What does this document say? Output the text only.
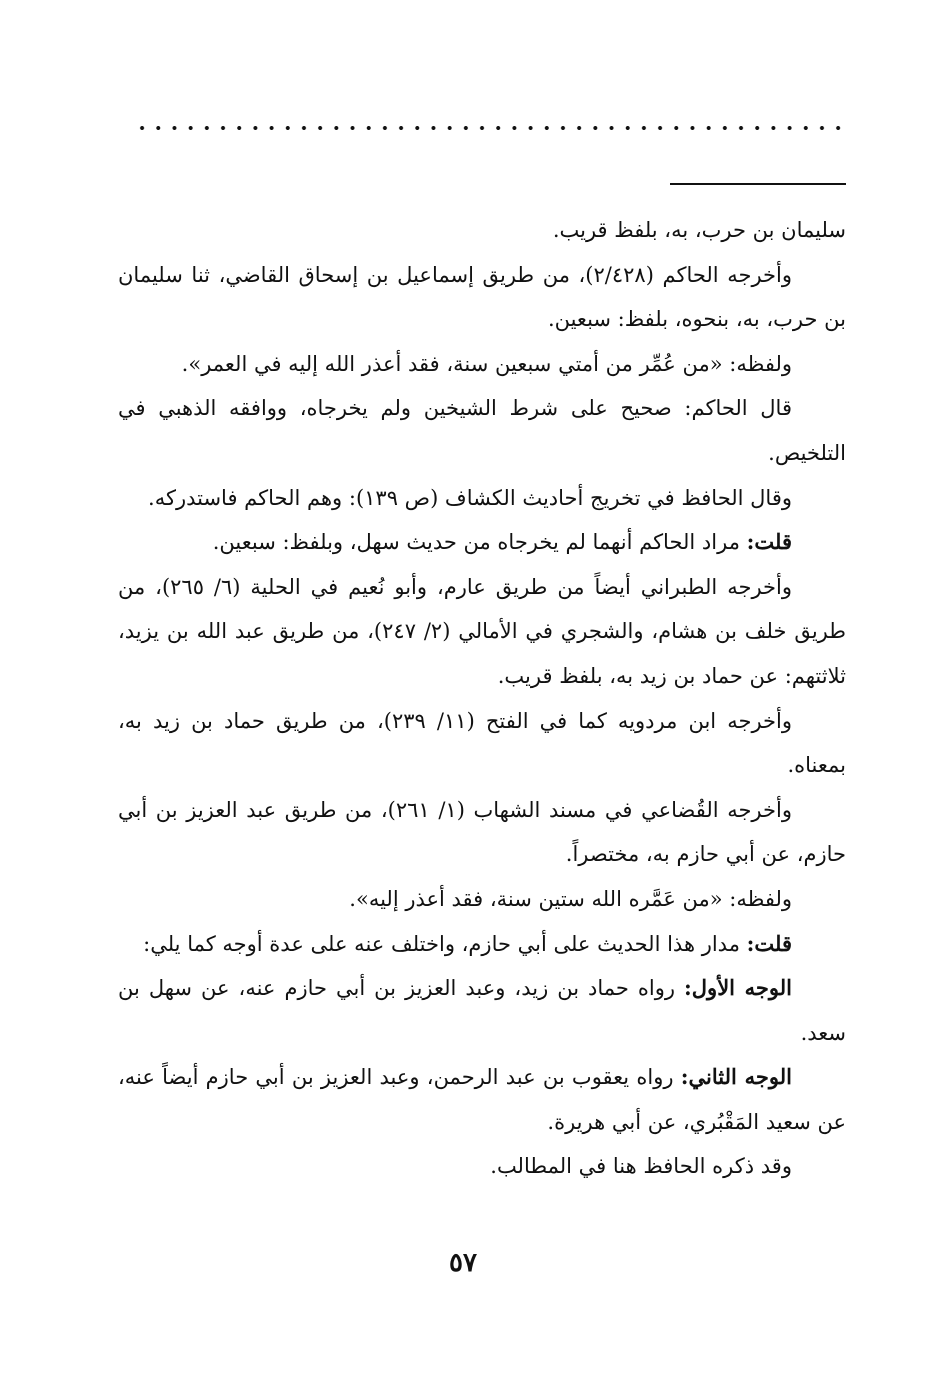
سليمان بن حرب، به، بلفظ قريب.

وأخرجه الحاكم (٢/٤٢٨)، من طريق إسماعيل بن إسحاق القاضي، ثنا سليمان بن حرب، به، بنحوه، بلفظ: سبعين.

ولفظه: «من عُمِّر من أمتي سبعين سنة، فقد أعذر الله إليه في العمر».

قال الحاكم: صحيح على شرط الشيخين ولم يخرجاه، ووافقه الذهبي في التلخيص.

وقال الحافظ في تخريج أحاديث الكشاف (ص ١٣٩): وهم الحاكم فاستدركه.

قلت: مراد الحاكم أنهما لم يخرجاه من حديث سهل، وبلفظ: سبعين.

وأخرجه الطبراني أيضاً من طريق عارم، وأبو نُعيم في الحلية (٦/ ٢٦٥)، من طريق خلف بن هشام، والشجري في الأمالي (٢/ ٢٤٧)، من طريق عبد الله بن يزيد، ثلاثتهم: عن حماد بن زيد به، بلفظ قريب.

وأخرجه ابن مردويه كما في الفتح (١١/ ٢٣٩)، من طريق حماد بن زيد به، بمعناه.

وأخرجه القُضاعي في مسند الشهاب (١/ ٢٦١)، من طريق عبد العزيز بن أبي حازم، عن أبي حازم به، مختصراً.

ولفظه: «من عَمَّره الله ستين سنة، فقد أعذر إليه».

قلت: مدار هذا الحديث على أبي حازم، واختلف عنه على عدة أوجه كما يلي:

الوجه الأول: رواه حماد بن زيد، وعبد العزيز بن أبي حازم عنه، عن سهل بن سعد.

الوجه الثاني: رواه يعقوب بن عبد الرحمن، وعبد العزيز بن أبي حازم أيضاً عنه، عن سعيد المَقْبُري، عن أبي هريرة.

وقد ذكره الحافظ هنا في المطالب.

٥٧
